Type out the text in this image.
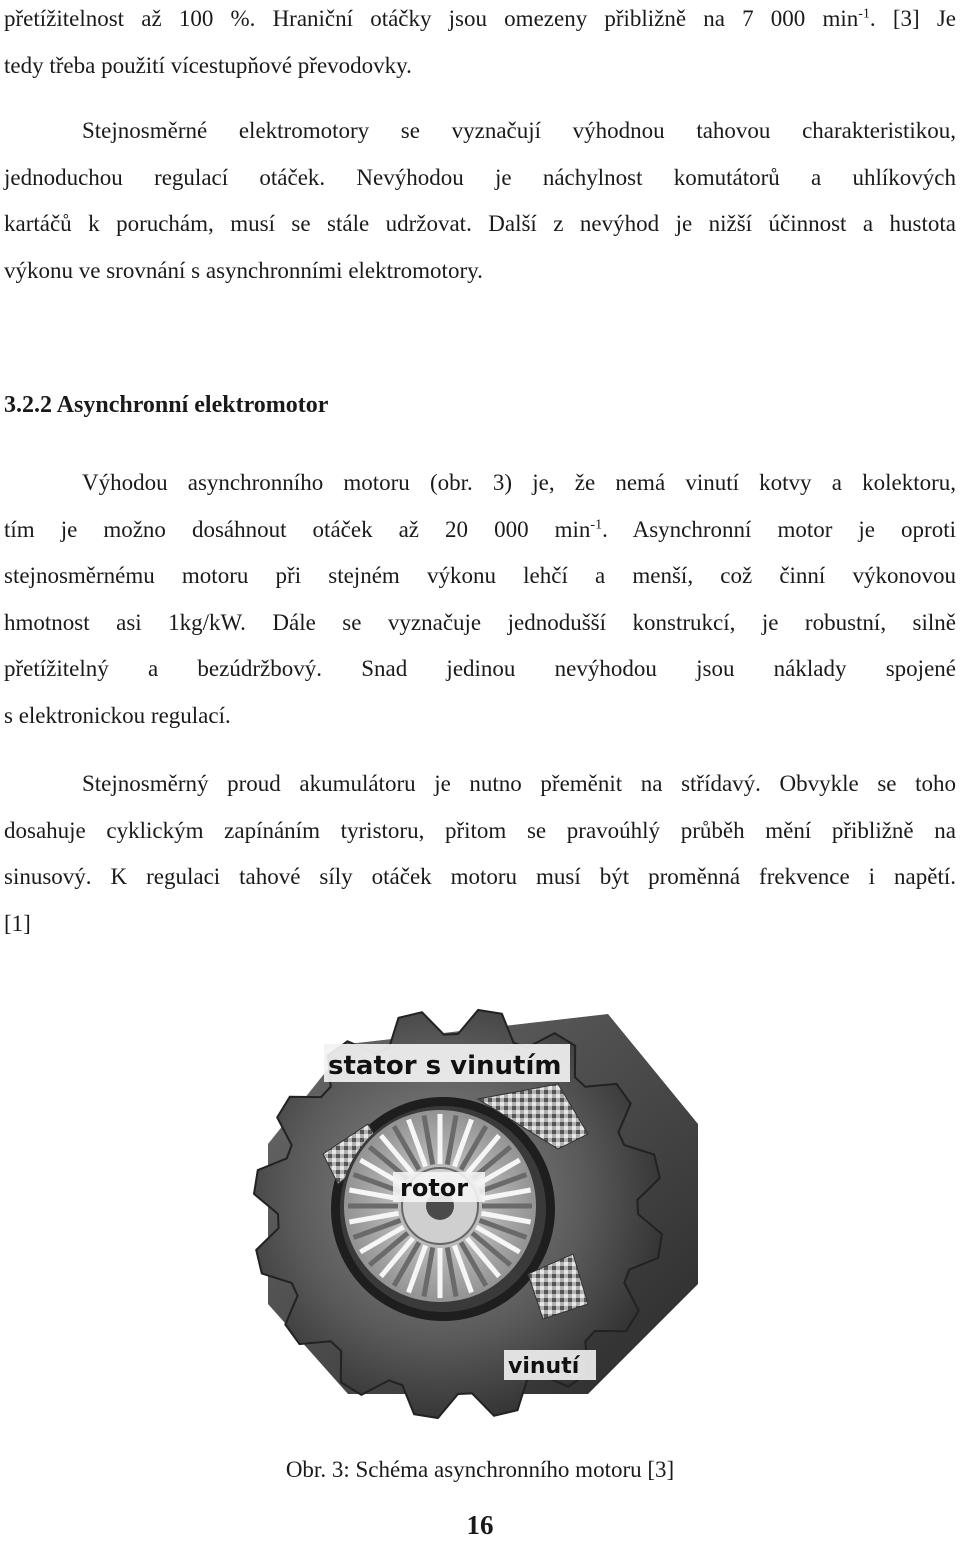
přetížitelnost až 100 %. Hraniční otáčky jsou omezeny přibližně na 7 000 $\min^{-1}$. [3] Je
tedy třeba použití vícestupňové převodovky.
Stejnosměrné elektromotory se vyznačují výhodnou tahovou charakteristikou,
jednoduchou regulací otáček. Nevýhodou je náchylnost komutátorů a uhlíkových
kartáčů k poruchám, musí se stále udržovat. Další z nevýhod je nižší účinnost a hustota
výkonu ve srovnání s asynchronními elektromotory.
3.2.2 Asynchronní elektromotor
Výhodou asynchronního motoru (obr. 3) je, že nemá vinutí kotvy a kolektoru,
tím je možno dosáhnout otáček až 20 000 $\min^{-1}$. Asynchronní motor je oproti
stejnosměrnému motoru při stejném výkonu lehčí a menší, což činní výkonovou
hmotnost asi 1kg/kW. Dále se vyznačuje jednodušší konstrukcí, je robustní, silně
přetížitelný a bezúdržbový. Snad jedinou nevýhodou jsou náklady spojené
s elektronickou regulací.
Stejnosměrný proud akumulátoru je nutno přeměnit na střídavý. Obvykle se toho
dosahuje cyklickým zapínáním tyristoru, přitom se pravoúhlý průběh mění přibližně na
sinusový. K regulaci tahové síly otáček motoru musí být proměnná frekvence i napětí.
[1]
stator s vinutím
rotor
vinutí
Obr. 3: Schéma asynchronního motoru [3]
16
